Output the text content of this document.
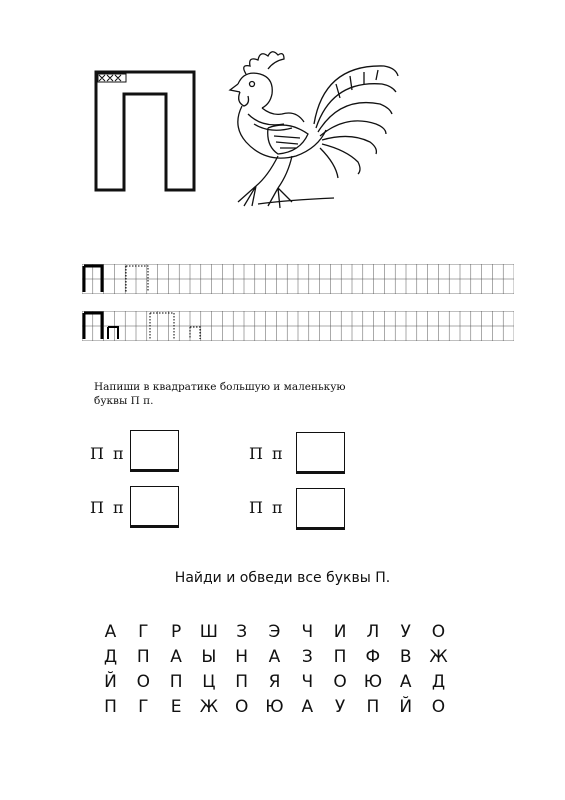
Напиши в квадратике большую и маленькую
буквы П п.
П п	П п
П п	П п
Найди и обведи все буквы П.
А	Г	Р	Ш З Э Ч И Л	У	О
Д П А Ы Н А З П Ф В Ж
Й О П Ц П Я Ч О Ю А Д
П	Г	Е	Ж О Ю А	У	П Й О
